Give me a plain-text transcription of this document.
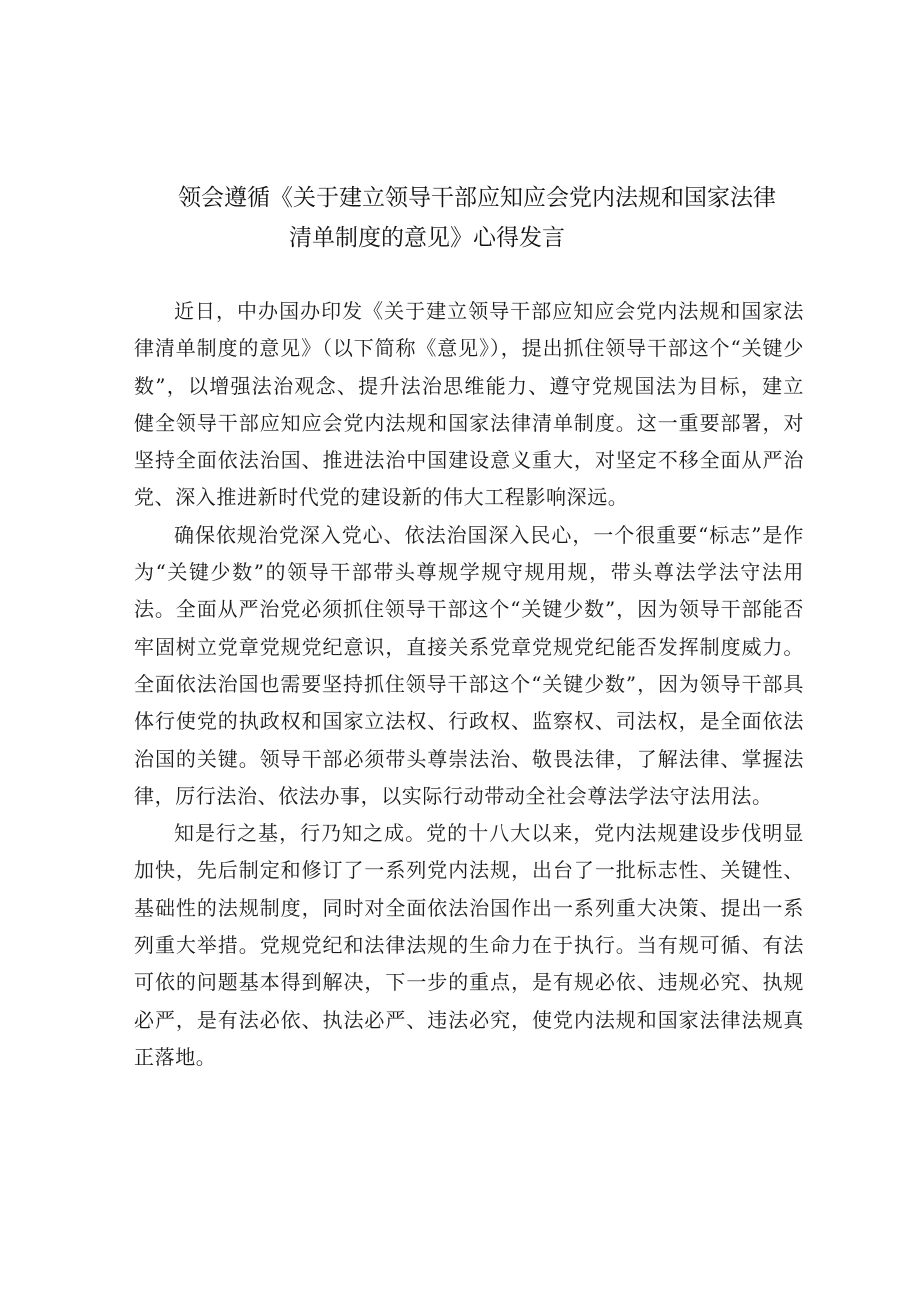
领会遵循《关于建立领导干部应知应会党内法规和国家法律
清单制度的意见》心得发言

近日，中办国办印发《关于建立领导干部应知应会党内法规和国家法律清单制度的意见》（以下简称《意见》），提出抓住领导干部这个“关键少数”，以增强法治观念、提升法治思维能力、遵守党规国法为目标，建立健全领导干部应知应会党内法规和国家法律清单制度。这一重要部署，对坚持全面依法治国、推进法治中国建设意义重大，对坚定不移全面从严治党、深入推进新时代党的建设新的伟大工程影响深远。

确保依规治党深入党心、依法治国深入民心，一个很重要“标志”是作为“关键少数”的领导干部带头尊规学规守规用规，带头尊法学法守法用法。全面从严治党必须抓住领导干部这个“关键少数”，因为领导干部能否牢固树立党章党规党纪意识，直接关系党章党规党纪能否发挥制度威力。全面依法治国也需要坚持抓住领导干部这个“关键少数”，因为领导干部具体行使党的执政权和国家立法权、行政权、监察权、司法权，是全面依法治国的关键。领导干部必须带头尊崇法治、敬畏法律，了解法律、掌握法律，厉行法治、依法办事，以实际行动带动全社会尊法学法守法用法。

知是行之基，行乃知之成。党的十八大以来，党内法规建设步伐明显加快，先后制定和修订了一系列党内法规，出台了一批标志性、关键性、基础性的法规制度，同时对全面依法治国作出一系列重大决策、提出一系列重大举措。党规党纪和法律法规的生命力在于执行。当有规可循、有法可依的问题基本得到解决，下一步的重点，是有规必依、违规必究、执规必严，是有法必依、执法必严、违法必究，使党内法规和国家法律法规真正落地。
